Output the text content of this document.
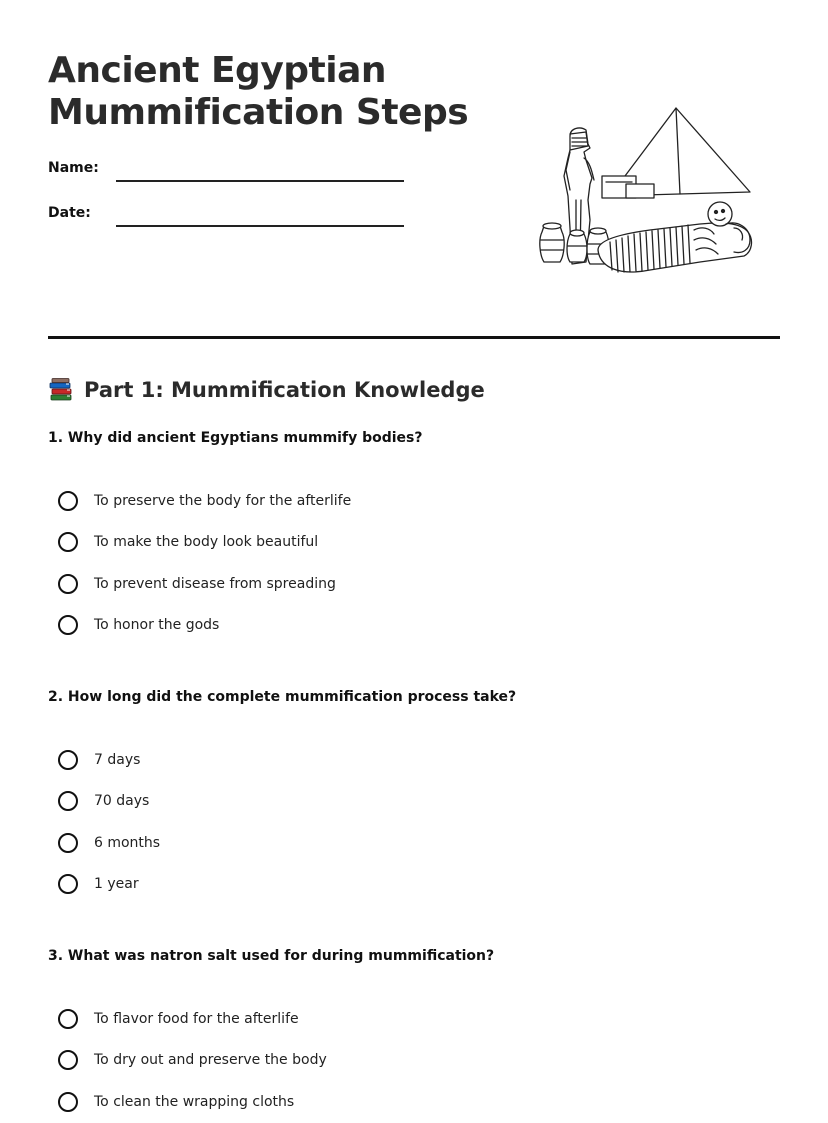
Ancient Egyptian Mummification Steps
Name:
Date:
Part 1: Mummification Knowledge
1. Why did ancient Egyptians mummify bodies?
To preserve the body for the afterlife
To make the body look beautiful
To prevent disease from spreading
To honor the gods
2. How long did the complete mummification process take?
7 days
70 days
6 months
1 year
3. What was natron salt used for during mummification?
To flavor food for the afterlife
To dry out and preserve the body
To clean the wrapping cloths
